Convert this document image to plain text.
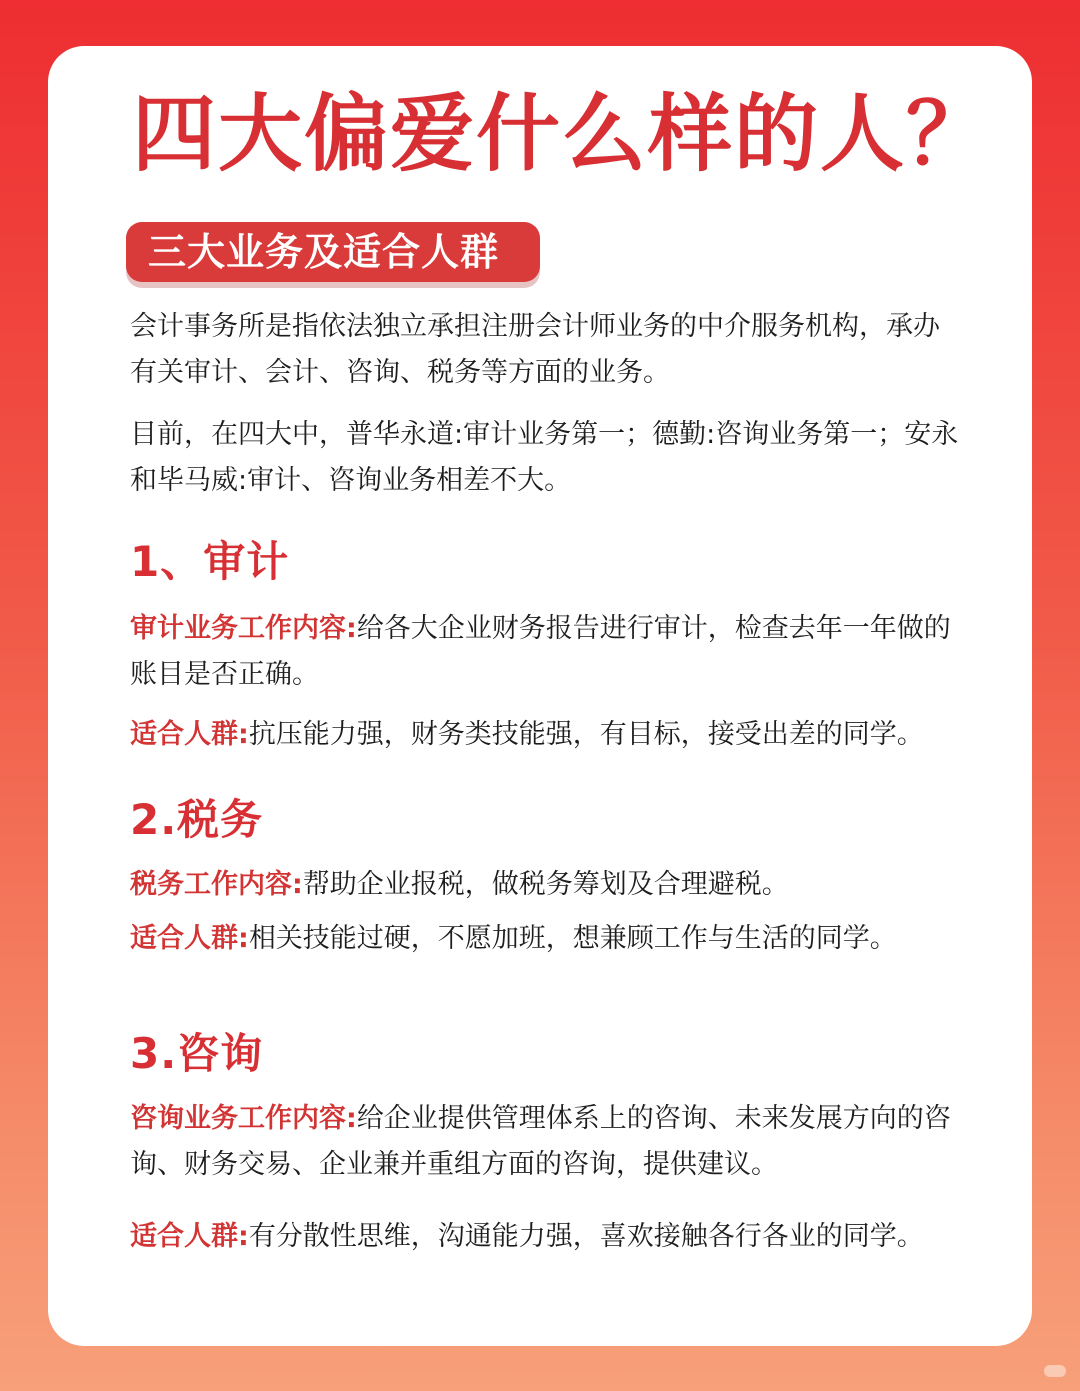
四大偏爱什么样的人？
三大业务及适合人群
会计事务所是指依法独立承担注册会计师业务的中介服务机构，承办有关审计、会计、咨询、税务等方面的业务。
目前，在四大中，普华永道:审计业务第一；德勤:咨询业务第一；安永和毕马威:审计、咨询业务相差不大。
1、审计
审计业务工作内容:给各大企业财务报告进行审计，检查去年一年做的账目是否正确。
适合人群:抗压能力强，财务类技能强，有目标，接受出差的同学。
2.税务
税务工作内容:帮助企业报税，做税务筹划及合理避税。
适合人群:相关技能过硬，不愿加班，想兼顾工作与生活的同学。
3.咨询
咨询业务工作内容:给企业提供管理体系上的咨询、未来发展方向的咨询、财务交易、企业兼并重组方面的咨询，提供建议。
适合人群:有分散性思维，沟通能力强，喜欢接触各行各业的同学。
